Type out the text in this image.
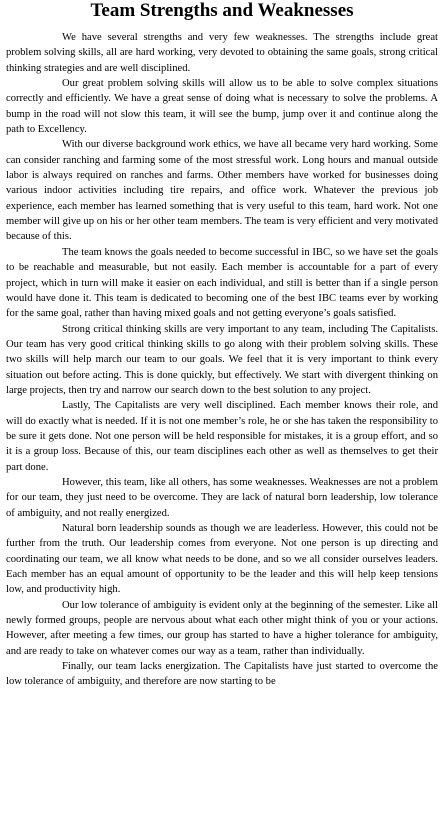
Team Strengths and Weaknesses

We have several strengths and very few weaknesses. The strengths include great problem solving skills, all are hard working, very devoted to obtaining the same goals, strong critical thinking strategies and are well disciplined.

Our great problem solving skills will allow us to be able to solve complex situations correctly and efficiently. We have a great sense of doing what is necessary to solve the problems. A bump in the road will not slow this team, it will see the bump, jump over it and continue along the path to Excellency.

With our diverse background work ethics, we have all became very hard working. Some can consider ranching and farming some of the most stressful work. Long hours and manual outside labor is always required on ranches and farms. Other members have worked for businesses doing various indoor activities including tire repairs, and office work. Whatever the previous job experience, each member has learned something that is very useful to this team, hard work. Not one member will give up on his or her other team members. The team is very efficient and very motivated because of this.

The team knows the goals needed to become successful in IBC, so we have set the goals to be reachable and measurable, but not easily. Each member is accountable for a part of every project, which in turn will make it easier on each individual, and still is better than if a single person would have done it. This team is dedicated to becoming one of the best IBC teams ever by working for the same goal, rather than having mixed goals and not getting everyone’s goals satisfied.

Strong critical thinking skills are very important to any team, including The Capitalists. Our team has very good critical thinking skills to go along with their problem solving skills. These two skills will help march our team to our goals. We feel that it is very important to think every situation out before acting. This is done quickly, but effectively. We start with divergent thinking on large projects, then try and narrow our search down to the best solution to any project.

Lastly, The Capitalists are very well disciplined. Each member knows their role, and will do exactly what is needed. If it is not one member’s role, he or she has taken the responsibility to be sure it gets done. Not one person will be held responsible for mistakes, it is a group effort, and so it is a group loss. Because of this, our team disciplines each other as well as themselves to get their part done.

However, this team, like all others, has some weaknesses. Weaknesses are not a problem for our team, they just need to be overcome. They are lack of natural born leadership, low tolerance of ambiguity, and not really energized.

Natural born leadership sounds as though we are leaderless. However, this could not be further from the truth. Our leadership comes from everyone. Not one person is up directing and coordinating our team, we all know what needs to be done, and so we all consider ourselves leaders. Each member has an equal amount of opportunity to be the leader and this will help keep tensions low, and productivity high.

Our low tolerance of ambiguity is evident only at the beginning of the semester. Like all newly formed groups, people are nervous about what each other might think of you or your actions. However, after meeting a few times, our group has started to have a higher tolerance for ambiguity, and are ready to take on whatever comes our way as a team, rather than individually.

Finally, our team lacks energization. The Capitalists have just started to overcome the low tolerance of ambiguity, and therefore are now starting to be
